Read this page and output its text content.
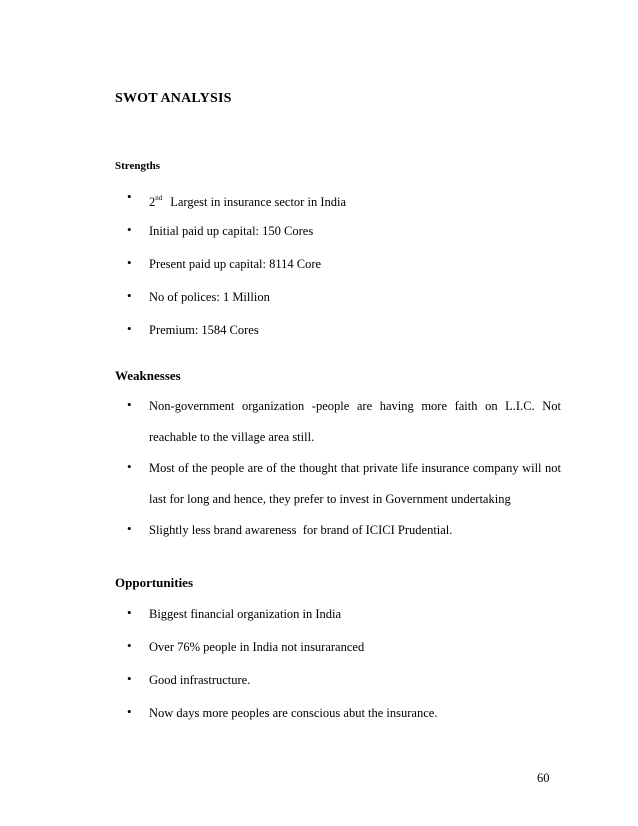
SWOT ANALYSIS
Strengths
• 2nd Largest in insurance sector in India
• Initial paid up capital: 150 Cores
• Present paid up capital: 8114 Core
• No of polices: 1 Million
• Premium: 1584 Cores
Weaknesses
• Non-government organization -people are having more faith on L.I.C. Not
reachable to the village area still.
• Most of the people are of the thought that private life insurance company will not
last for long and hence, they prefer to invest in Government undertaking
• Slightly less brand awareness  for brand of ICICI Prudential.
Opportunities
• Biggest financial organization in India
• Over 76% people in India not insuraranced
• Good infrastructure.
• Now days more peoples are conscious abut the insurance.
60
